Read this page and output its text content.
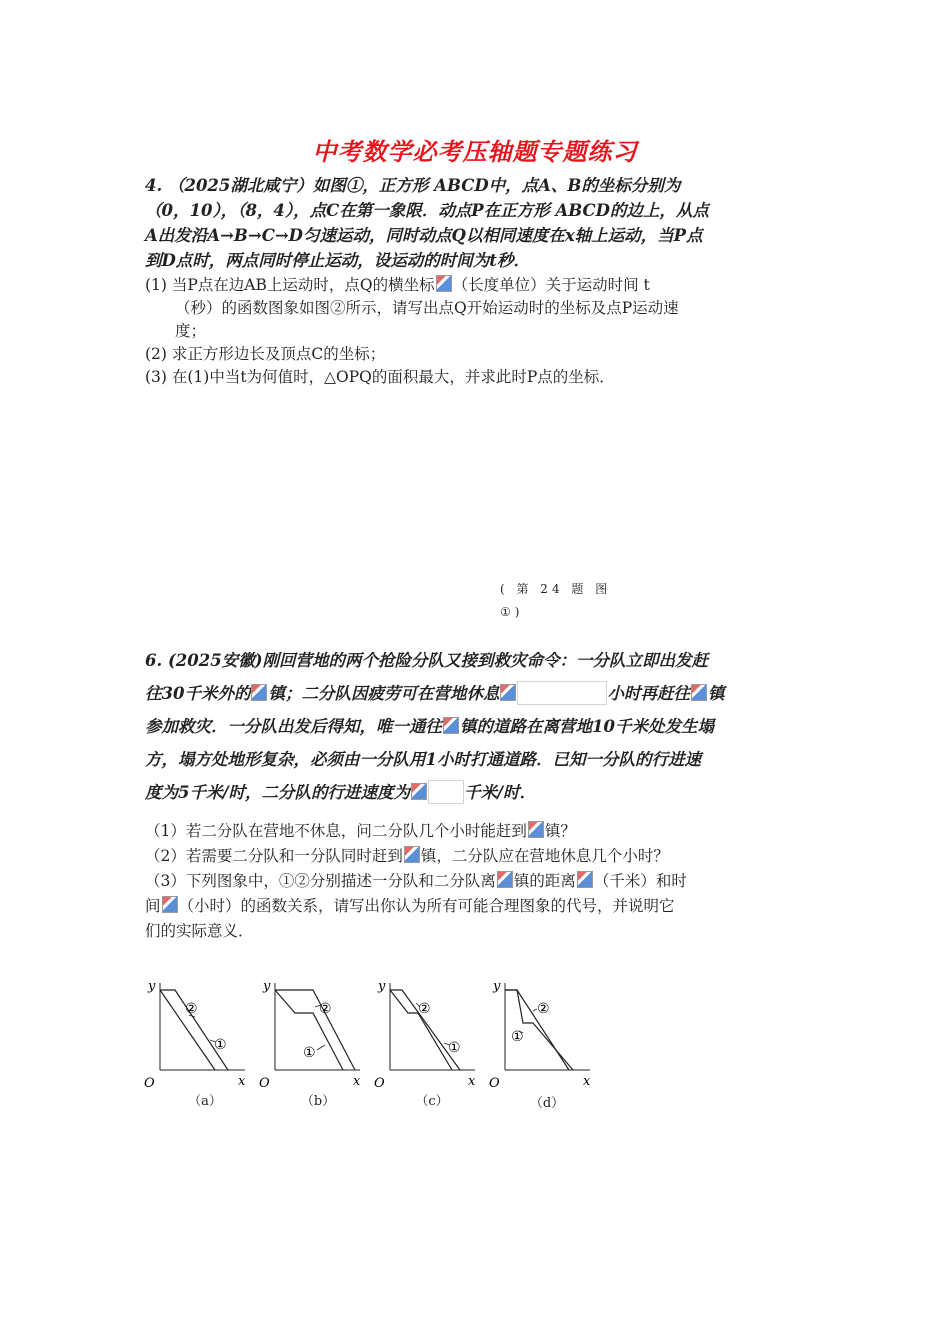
中考数学必考压轴题专题练习
4. （2025湖北咸宁）如图①，正方形 ABCD中，点A、B的坐标分别为
（0，10），（8，4），点C在第一象限．动点P在正方形 ABCD的边上，从点
A出发沿A→B→C→D匀速运动，同时动点Q以相同速度在x轴上运动，当P点
到D点时，两点同时停止运动，设运动的时间为t秒．
(1) 当P点在边AB上运动时，点Q的横坐标 （长度单位）关于运动时间 t
（秒）的函数图象如图②所示，请写出点Q开始运动时的坐标及点P运动速
度；
(2) 求正方形边长及顶点C的坐标；
(3) 在(1)中当t为何值时，△OPQ的面积最大，并求此时P点的坐标．
( 第 24 题 图
①)
6. (2025安徽)刚回营地的两个抢险分队又接到救灾命令：一分队立即出发赶
往30千米外的 镇；二分队因疲劳可在营地休息	小时再赶往 镇
参加救灾．一分队出发后得知，唯一通往 镇的道路在离营地10千米处发生塌
方，塌方处地形复杂，必须由一分队用1小时打通道路．已知一分队的行进速
度为5千米/时，二分队的行进速度为	千米/时．
（1）若二分队在营地不休息，问二分队几个小时能赶到 镇？
（2）若需要二分队和一分队同时赶到 镇，二分队应在营地休息几个小时？
（3）下列图象中，①②分别描述一分队和二分队离 镇的距离 （千米）和时
间 （小时）的函数关系，请写出你认为所有可能合理图象的代号，并说明它
们的实际意义．
y
x
O
②
①
（a）
y
x
O
②
①
（b）
y
x
O
②
①
（c）
y
x
O
②
①
（d）
